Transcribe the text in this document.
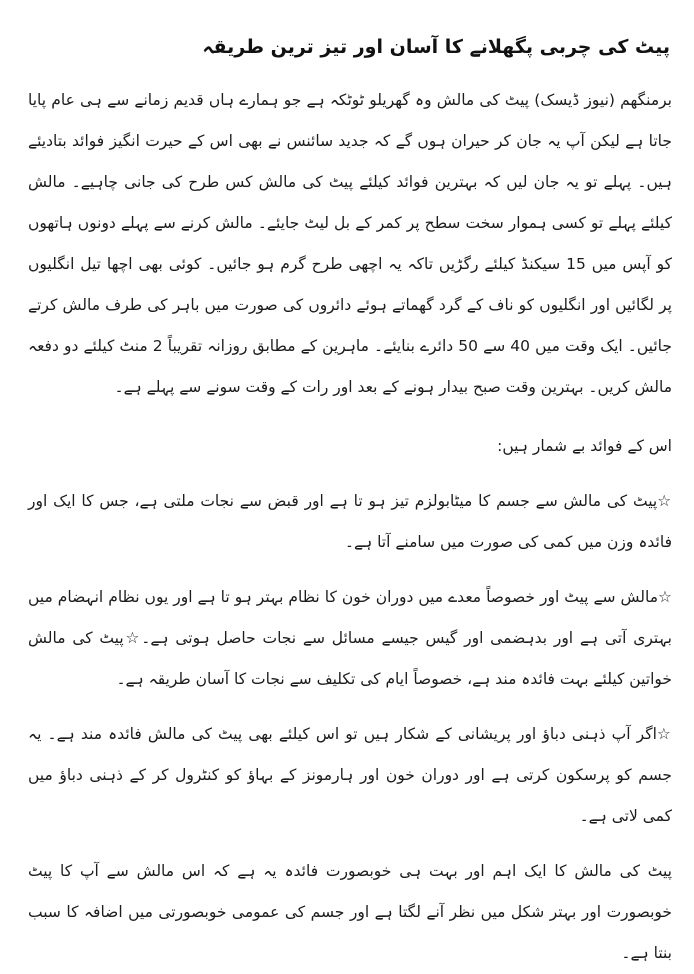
پیٹ کی چربی پگھلانے کا آسان اور تیز ترین طریقہ

برمنگھم (نیوز ڈیسک) پیٹ کی مالش وہ گھریلو ٹوٹکہ ہے جو ہمارے ہاں قدیم زمانے سے ہی عام پایا جاتا ہے لیکن آپ یہ جان کر حیران ہوں گے کہ جدید سائنس نے بھی اس کے حیرت انگیز فوائد بتادیئے ہیں۔ پہلے تو یہ جان لیں کہ بہترین فوائد کیلئے پیٹ کی مالش کس طرح کی جانی چاہیے۔ مالش کیلئے پہلے تو کسی ہموار سخت سطح پر کمر کے بل لیٹ جایئے۔ مالش کرنے سے پہلے دونوں ہاتھوں کو آپس میں 15 سیکنڈ کیلئے رگڑیں تاکہ یہ اچھی طرح گرم ہو جائیں۔ کوئی بھی اچھا تیل انگلیوں پر لگائیں اور انگلیوں کو ناف کے گرد گھماتے ہوئے دائروں کی صورت میں باہر کی طرف مالش کرتے جائیں۔ ایک وقت میں 40 سے 50 دائرے بنایئے۔ ماہرین کے مطابق روزانہ تقریباً 2 منٹ کیلئے دو دفعہ مالش کریں۔ بہترین وقت صبح بیدار ہونے کے بعد اور رات کے وقت سونے سے پہلے ہے۔

اس کے فوائد بے شمار ہیں:

☆ پیٹ کی مالش سے جسم کا میٹابولزم تیز ہو تا ہے اور قبض سے نجات ملتی ہے، جس کا ایک اور فائدہ وزن میں کمی کی صورت میں سامنے آتا ہے۔

☆ مالش سے پیٹ اور خصوصاً معدے میں دوران خون کا نظام بہتر ہو تا ہے اور یوں نظام انہضام میں بہتری آتی ہے اور بدہضمی اور گیس جیسے مسائل سے نجات حاصل ہوتی ہے۔☆ پیٹ کی مالش خواتین کیلئے بہت فائدہ مند ہے، خصوصاً ایام کی تکلیف سے نجات کا آسان طریقہ ہے۔

☆ اگر آپ ذہنی دباؤ اور پریشانی کے شکار ہیں تو اس کیلئے بھی پیٹ کی مالش فائدہ مند ہے۔ یہ جسم کو پرسکون کرتی ہے اور دوران خون اور ہارمونز کے بہاؤ کو کنٹرول کر کے ذہنی دباؤ میں کمی لاتی ہے۔

پیٹ کی مالش کا ایک اہم اور بہت ہی خوبصورت فائدہ یہ ہے کہ اس مالش سے آپ کا پیٹ خوبصورت اور بہتر شکل میں نظر آنے لگتا ہے اور جسم کی عمومی خوبصورتی میں اضافہ کا سبب بنتا ہے۔
